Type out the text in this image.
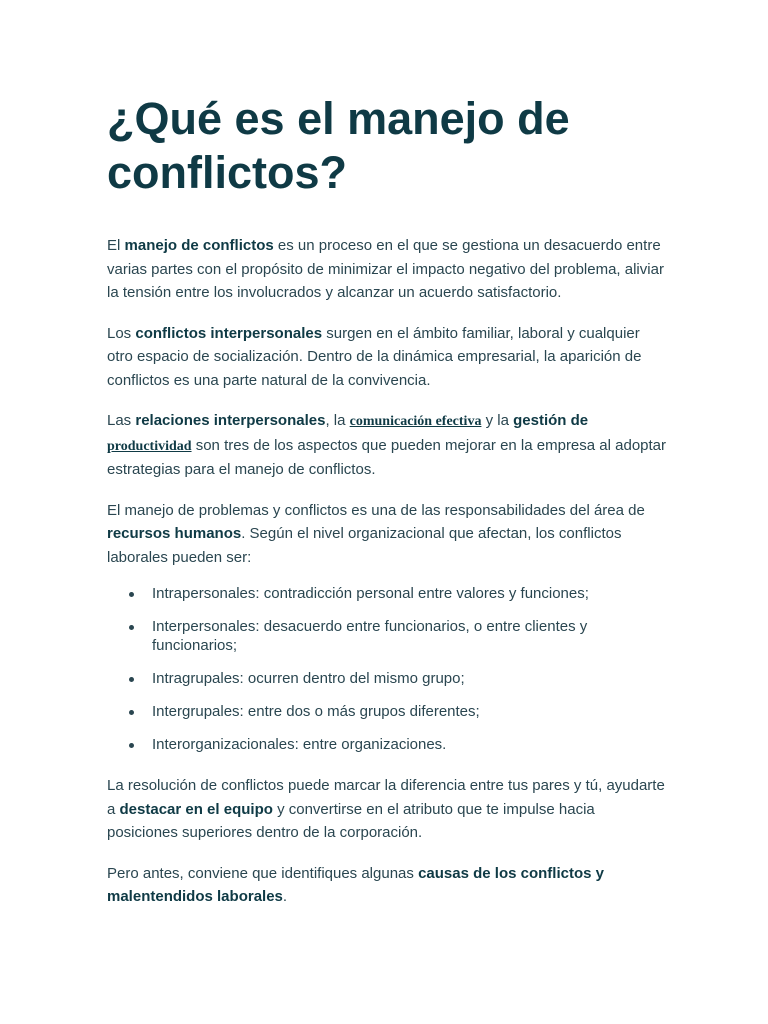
¿Qué es el manejo de conflictos?

El manejo de conflictos es un proceso en el que se gestiona un desacuerdo entre varias partes con el propósito de minimizar el impacto negativo del problema, aliviar la tensión entre los involucrados y alcanzar un acuerdo satisfactorio.

Los conflictos interpersonales surgen en el ámbito familiar, laboral y cualquier otro espacio de socialización. Dentro de la dinámica empresarial, la aparición de conflictos es una parte natural de la convivencia.

Las relaciones interpersonales, la comunicación efectiva y la gestión de productividad son tres de los aspectos que pueden mejorar en la empresa al adoptar estrategias para el manejo de conflictos.

El manejo de problemas y conflictos es una de las responsabilidades del área de recursos humanos. Según el nivel organizacional que afectan, los conflictos laborales pueden ser:

Intrapersonales: contradicción personal entre valores y funciones;
Interpersonales: desacuerdo entre funcionarios, o entre clientes y funcionarios;
Intragrupales: ocurren dentro del mismo grupo;
Intergrupales: entre dos o más grupos diferentes;
Interorganizacionales: entre organizaciones.

La resolución de conflictos puede marcar la diferencia entre tus pares y tú, ayudarte a destacar en el equipo y convertirse en el atributo que te impulse hacia posiciones superiores dentro de la corporación.

Pero antes, conviene que identifiques algunas causas de los conflictos y malentendidos laborales.
